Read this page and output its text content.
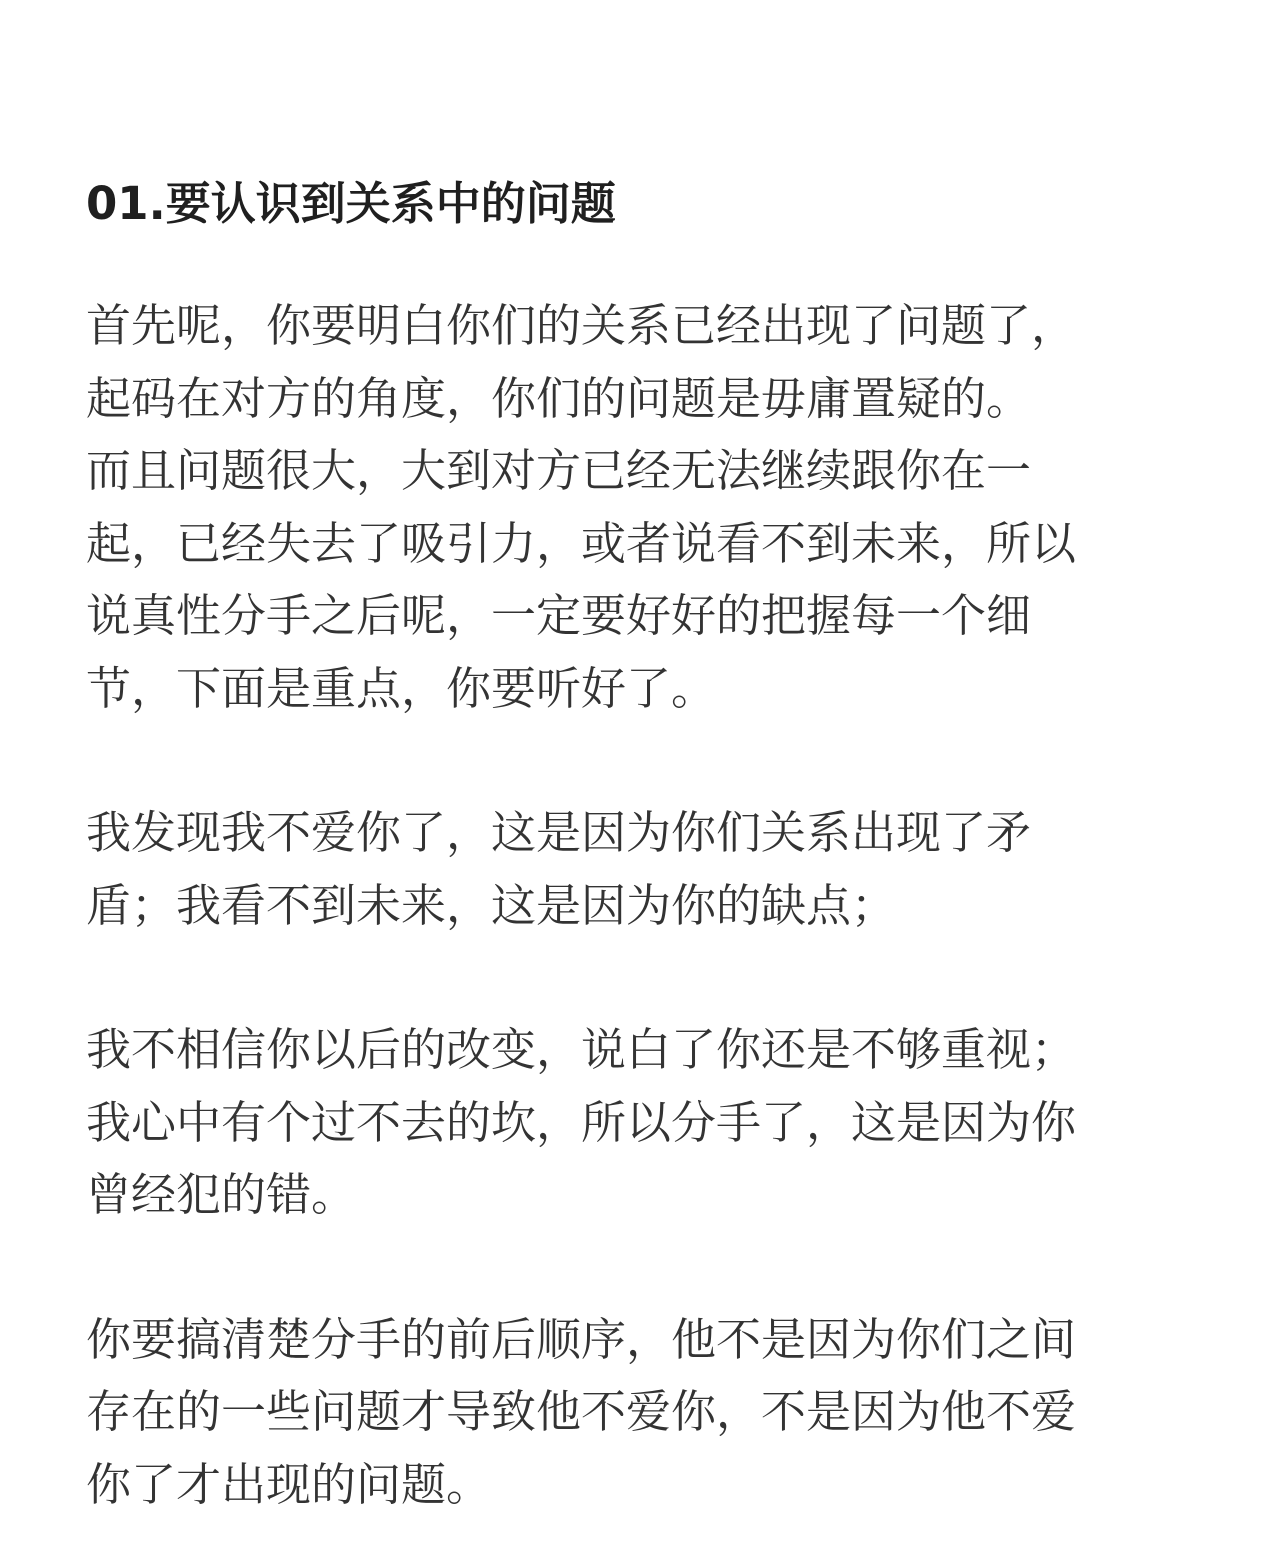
01.要认识到关系中的问题

首先呢，你要明白你们的关系已经出现了问题了，
起码在对方的角度，你们的问题是毋庸置疑的。
而且问题很大，大到对方已经无法继续跟你在一
起，已经失去了吸引力，或者说看不到未来，所以
说真性分手之后呢，一定要好好的把握每一个细
节，下面是重点，你要听好了。

我发现我不爱你了，这是因为你们关系出现了矛
盾；我看不到未来，这是因为你的缺点；

我不相信你以后的改变，说白了你还是不够重视；
我心中有个过不去的坎，所以分手了，这是因为你
曾经犯的错。

你要搞清楚分手的前后顺序，他不是因为你们之间
存在的一些问题才导致他不爱你，不是因为他不爱
你了才出现的问题。
